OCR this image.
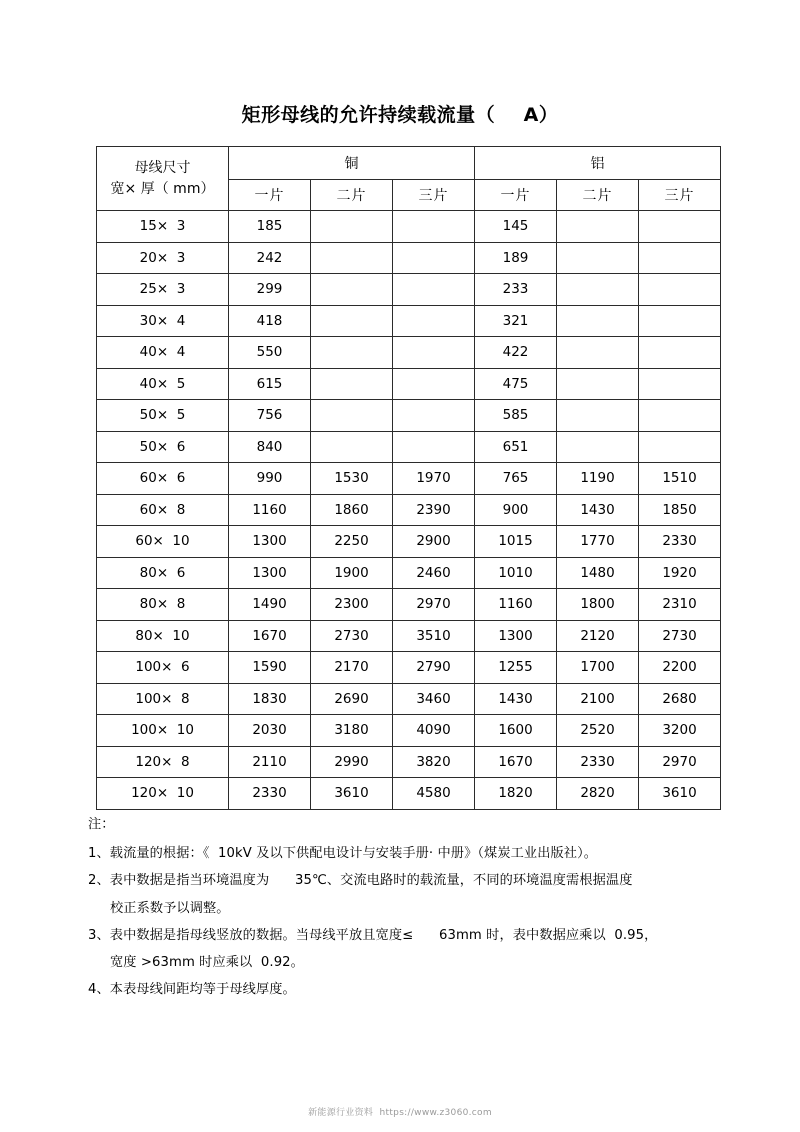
矩形母线的允许持续载流量（    A）
母线尺寸
宽× 厚（ mm）	铜			铝		
	一片	二片	三片	一片	二片	三片
15×  3	185			145		
20×  3	242			189		
25×  3	299			233		
30×  4	418			321		
40×  4	550			422		
40×  5	615			475		
50×  5	756			585		
50×  6	840			651		
60×  6	990	1530	1970	765	1190	1510
60×  8	1160	1860	2390	900	1430	1850
60×  10	1300	2250	2900	1015	1770	2330
80×  6	1300	1900	2460	1010	1480	1920
80×  8	1490	2300	2970	1160	1800	2310
80×  10	1670	2730	3510	1300	2120	2730
100×  6	1590	2170	2790	1255	1700	2200
100×  8	1830	2690	3460	1430	2100	2680
100×  10	2030	3180	4090	1600	2520	3200
120×  8	2110	2990	3820	1670	2330	2970
120×  10	2330	3610	4580	1820	2820	3610
注：
1、载流量的根据：《  10kV 及以下供配电设计与安装手册· 中册》（煤炭工业出版社）。
2、表中数据是指当环境温度为      35℃、交流电路时的载流量，不同的环境温度需根据温度
校正系数予以调整。
3、表中数据是指母线竖放的数据。当母线平放且宽度≤      63mm 时，表中数据应乘以  0.95，
宽度 >63mm 时应乘以  0.92。
4、本表母线间距均等于母线厚度。
新能源行业资料  https://www.z3060.com
